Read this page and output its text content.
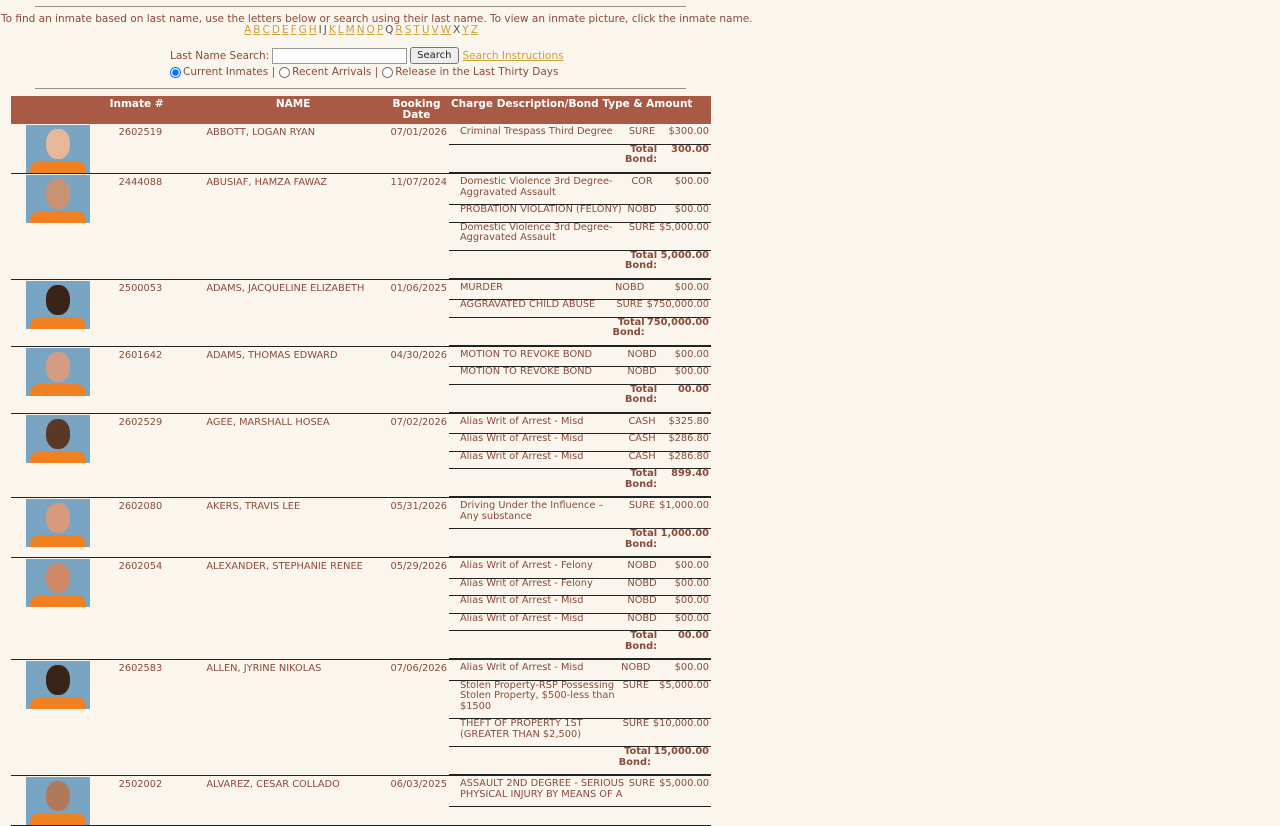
To find an inmate based on last name, use the letters below or search using their last name. To view an inmate picture, click the inmate name.
A B C D E F G H I J K L M N O P Q R S T U V W X Y Z
Last Name Search:	Search	Search Instructions
Current Inmates | Recent Arrivals | Release in the Last Thirty Days
	Inmate #	NAME	Booking Date	Charge Description/Bond Type & Amount

	2602519	ABBOTT, LOGAN RYAN	07/01/2026	Criminal Trespass Third Degree	SURE	$300.00
	Total Bond:	300.00

	2444088	ABUSIAF, HAMZA FAWAZ	11/07/2024	Domestic Violence 3rd Degree-Aggravated Assault	COR	$00.00
PROBATION VIOLATION (FELONY)	NOBD	$00.00
Domestic Violence 3rd Degree-Aggravated Assault	SURE	$5,000.00
	Total Bond:	5,000.00

	2500053	ADAMS, JACQUELINE ELIZABETH	01/06/2025	MURDER	NOBD	$00.00
AGGRAVATED CHILD ABUSE	SURE	$750,000.00
	Total Bond:	750,000.00

	2601642	ADAMS, THOMAS EDWARD	04/30/2026	MOTION TO REVOKE BOND	NOBD	$00.00
MOTION TO REVOKE BOND	NOBD	$00.00
	Total Bond:	00.00

	2602529	AGEE, MARSHALL HOSEA	07/02/2026	Alias Writ of Arrest - Misd	CASH	$325.80
Alias Writ of Arrest - Misd	CASH	$286.80
Alias Writ of Arrest - Misd	CASH	$286.80
	Total Bond:	899.40

	2602080	AKERS, TRAVIS LEE	05/31/2026	Driving Under the Influence – Any substance	SURE	$1,000.00
	Total Bond:	1,000.00

	2602054	ALEXANDER, STEPHANIE RENEE	05/29/2026	Alias Writ of Arrest - Felony	NOBD	$00.00
Alias Writ of Arrest - Felony	NOBD	$00.00
Alias Writ of Arrest - Misd	NOBD	$00.00
Alias Writ of Arrest - Misd	NOBD	$00.00
	Total Bond:	00.00

	2602583	ALLEN, JYRINE NIKOLAS	07/06/2026	Alias Writ of Arrest - Misd	NOBD	$00.00
Stolen Property-RSP Possessing Stolen Property, $500-less than $1500	SURE	$5,000.00
THEFT OF PROPERTY 1ST (GREATER THAN $2,500)	SURE	$10,000.00
	Total Bond:	15,000.00

	2502002	ALVAREZ, CESAR COLLADO	06/03/2025	ASSAULT 2ND DEGREE - SERIOUS PHYSICAL INJURY BY MEANS OF A	SURE	$5,000.00
